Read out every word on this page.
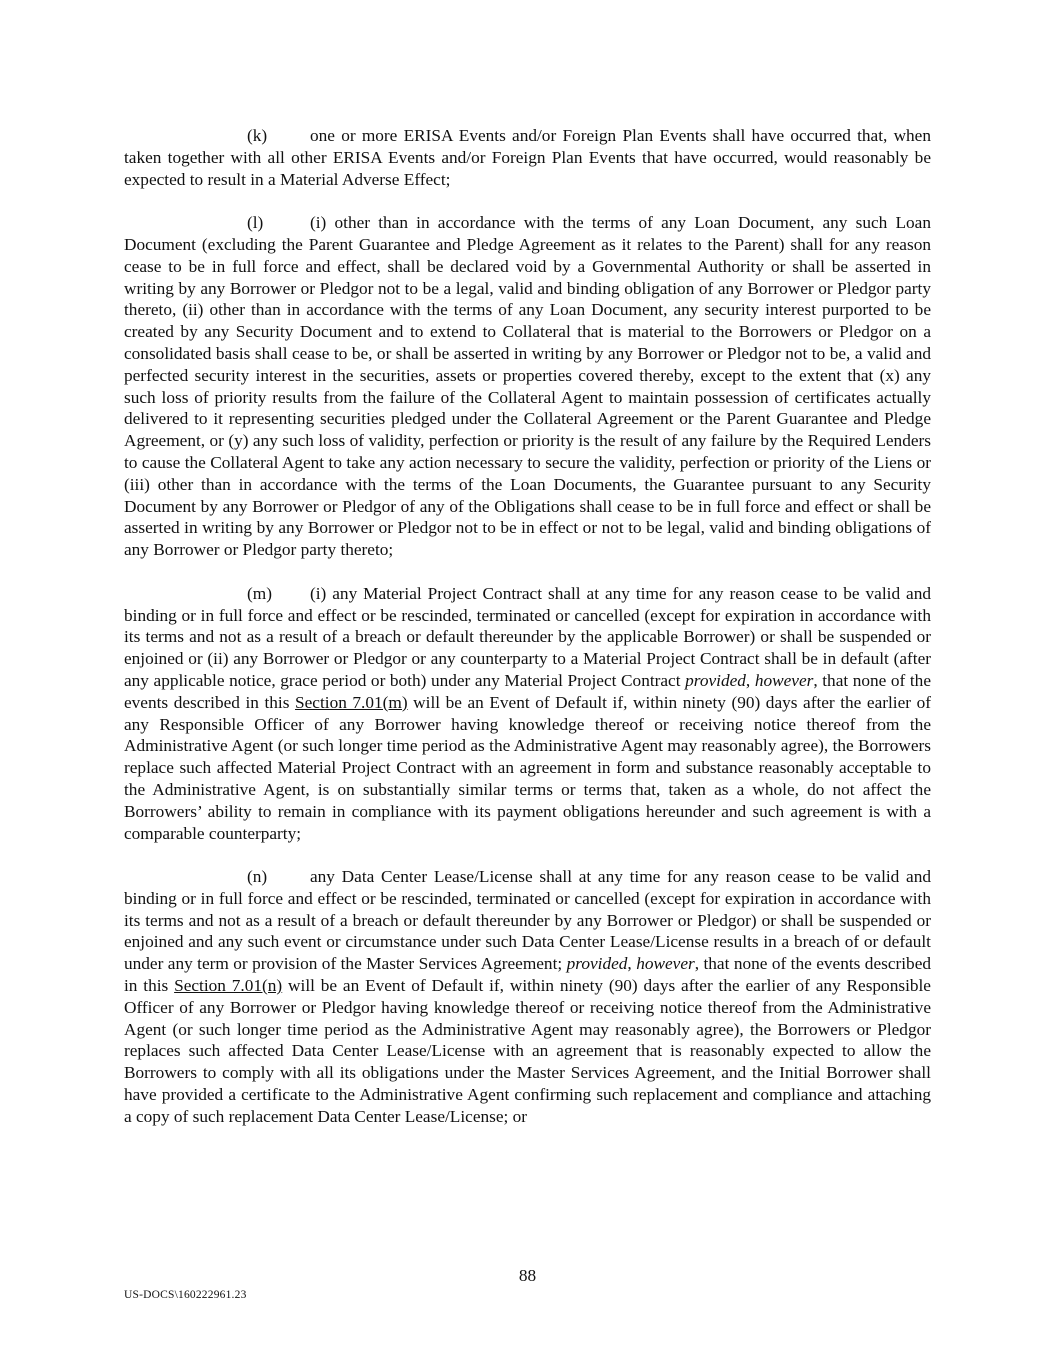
(k) one or more ERISA Events and/or Foreign Plan Events shall have occurred that, when taken together with all other ERISA Events and/or Foreign Plan Events that have occurred, would reasonably be expected to result in a Material Adverse Effect;

(l)	(i) other than in accordance with the terms of any Loan Document, any such Loan Document (excluding the Parent Guarantee and Pledge Agreement as it relates to the Parent) shall for any reason cease to be in full force and effect, shall be declared void by a Governmental Authority or shall be asserted in writing by any Borrower or Pledgor not to be a legal, valid and binding obligation of any Borrower or Pledgor party thereto, (ii) other than in accordance with the terms of any Loan Document, any security interest purported to be created by any Security Document and to extend to Collateral that is material to the Borrowers or Pledgor on a consolidated basis shall cease to be, or shall be asserted in writing by any Borrower or Pledgor not to be, a valid and perfected security interest in the securities, assets or properties covered thereby, except to the extent that (x) any such loss of priority results from the failure of the Collateral Agent to maintain possession of certificates actually delivered to it representing securities pledged under the Collateral Agreement or the Parent Guarantee and Pledge Agreement, or (y) any such loss of validity, perfection or priority is the result of any failure by the Required Lenders to cause the Collateral Agent to take any action necessary to secure the validity, perfection or priority of the Liens or (iii) other than in accordance with the terms of the Loan Documents, the Guarantee pursuant to any Security Document by any Borrower or Pledgor of any of the Obligations shall cease to be in full force and effect or shall be asserted in writing by any Borrower or Pledgor not to be in effect or not to be legal, valid and binding obligations of any Borrower or Pledgor party thereto;

(m) (i) any Material Project Contract shall at any time for any reason cease to be valid and binding or in full force and effect or be rescinded, terminated or cancelled (except for expiration in accordance with its terms and not as a result of a breach or default thereunder by the applicable Borrower) or shall be suspended or enjoined or (ii) any Borrower or Pledgor or any counterparty to a Material Project Contract shall be in default (after any applicable notice, grace period or both) under any Material Project Contract provided, however, that none of the events described in this Section 7.01(m) will be an Event of Default if, within ninety (90) days after the earlier of any Responsible Officer of any Borrower having knowledge thereof or receiving notice thereof from the Administrative Agent (or such longer time period as the Administrative Agent may reasonably agree), the Borrowers replace such affected Material Project Contract with an agreement in form and substance reasonably acceptable to the Administrative Agent, is on substantially similar terms or terms that, taken as a whole, do not affect the Borrowers’ ability to remain in compliance with its payment obligations hereunder and such agreement is with a comparable counterparty;

(n) any Data Center Lease/License shall at any time for any reason cease to be valid and binding or in full force and effect or be rescinded, terminated or cancelled (except for expiration in accordance with its terms and not as a result of a breach or default thereunder by any Borrower or Pledgor) or shall be suspended or enjoined and any such event or circumstance under such Data Center Lease/License results in a breach of or default under any term or provision of the Master Services Agreement; provided, however, that none of the events described in this Section 7.01(n) will be an Event of Default if, within ninety (90) days after the earlier of any Responsible Officer of any Borrower or Pledgor having knowledge thereof or receiving notice thereof from the Administrative Agent (or such longer time period as the Administrative Agent may reasonably agree), the Borrowers or Pledgor replaces such affected Data Center Lease/License with an agreement that is reasonably expected to allow the Borrowers to comply with all its obligations under the Master Services Agreement, and the Initial Borrower shall have provided a certificate to the Administrative Agent confirming such replacement and compliance and attaching a copy of such replacement Data Center Lease/License; or

88
US-DOCS\160222961.23
